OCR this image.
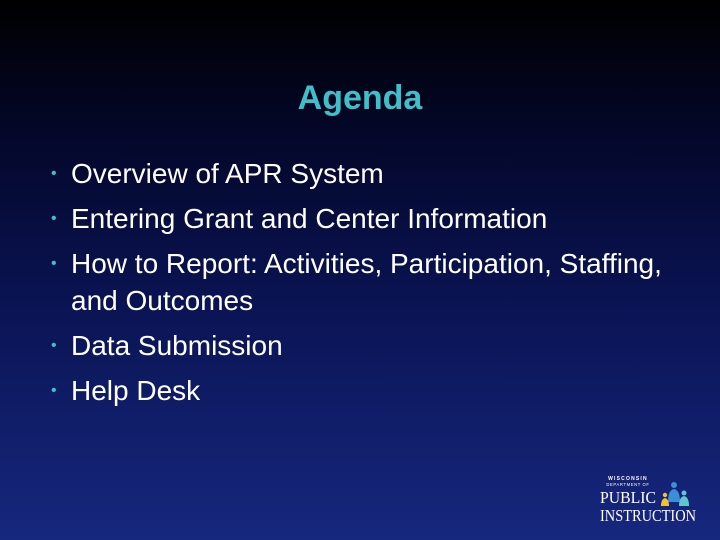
Agenda
• Overview of APR System
• Entering Grant and Center Information
• How to Report: Activities, Participation, Staffing, and Outcomes
• Data Submission
• Help Desk
WISCONSIN
DEPARTMENT OF
PUBLIC
INSTRUCTION
